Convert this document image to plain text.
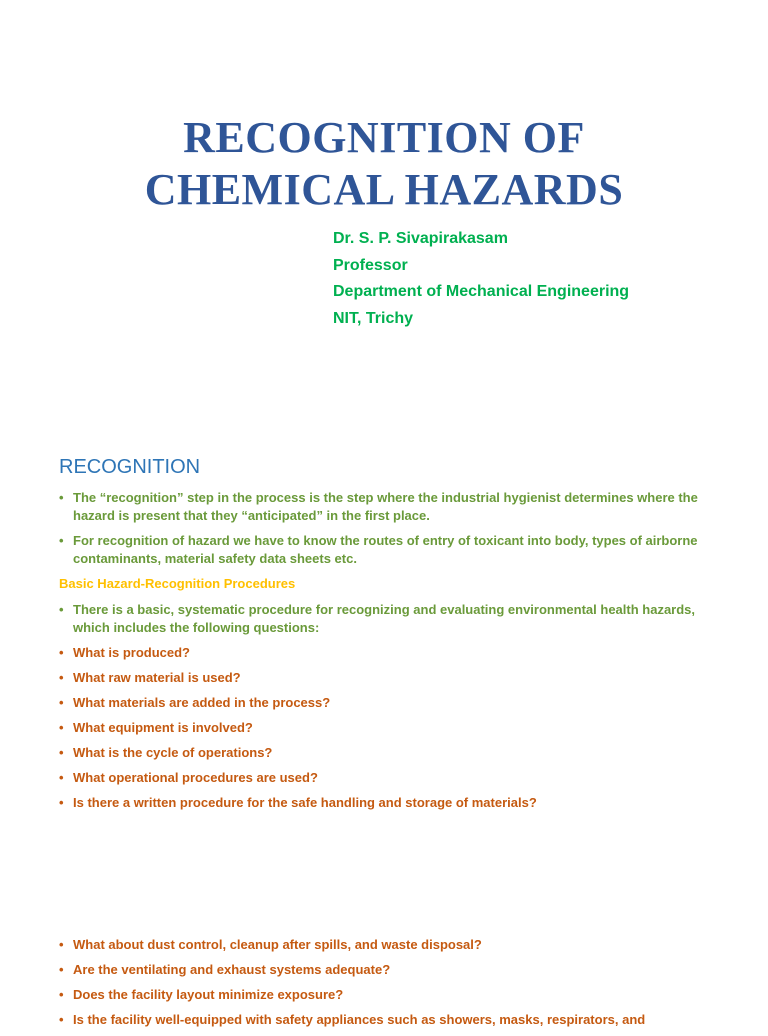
RECOGNITION OF
CHEMICAL HAZARDS
Dr. S. P. Sivapirakasam
Professor
Department of Mechanical Engineering
NIT, Trichy
RECOGNITION
• The “recognition” step in the process is the step where the industrial hygienist determines where the hazard is present that they “anticipated” in the first place.
• For recognition of hazard we have to know the routes of entry of toxicant into body, types of airborne contaminants, material safety data sheets etc.
Basic Hazard-Recognition Procedures
• There is a basic, systematic procedure for recognizing and evaluating environmental health hazards, which includes the following questions:
• What is produced?
• What raw material is used?
• What materials are added in the process?
• What equipment is involved?
• What is the cycle of operations?
• What operational procedures are used?
• Is there a written procedure for the safe handling and storage of materials?
• What about dust control, cleanup after spills, and waste disposal?
• Are the ventilating and exhaust systems adequate?
• Does the facility layout minimize exposure?
• Is the facility well-equipped with safety appliances such as showers, masks, respirators, and
